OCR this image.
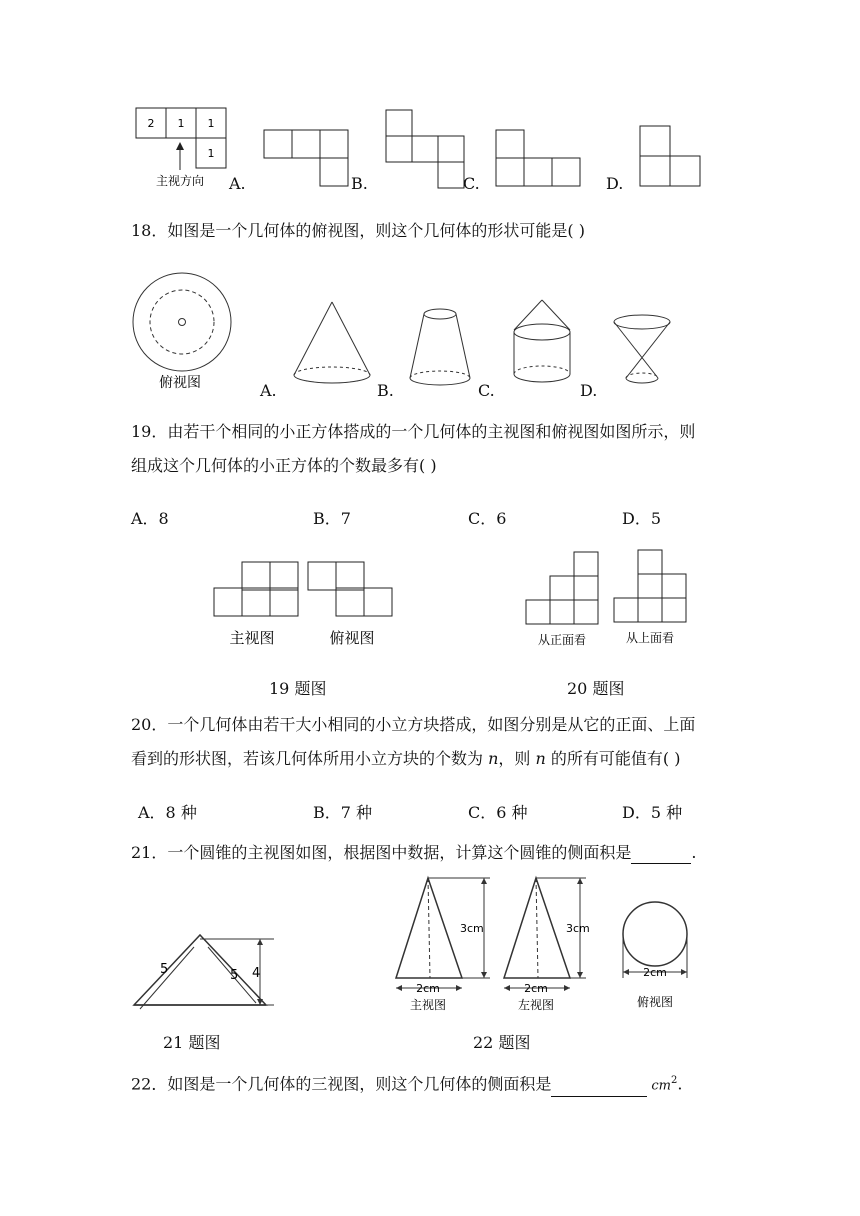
2 1 1
1
主视方向 A.	B.	C.	D.
18．如图是一个几何体的俯视图，则这个几何体的形状可能是( )
俯视图	A.	B.	C.	D.
19．由若干个相同的小正方体搭成的一个几何体的主视图和俯视图如图所示，则
组成这个几何体的小正方体的个数最多有( )
A．8	B．7	C．6	D．5
主视图	俯视图	从正面看	从上面看
19 题图	20 题图
20．一个几何体由若干大小相同的小立方块搭成，如图分别是从它的正面、上面
看到的形状图，若该几何体所用小立方块的个数为 n，则 n 的所有可能值有( )
A．8 种	B．7 种	C．6 种	D．5 种
21．一个圆锥的主视图如图，根据图中数据，计算这个圆锥的侧面积是	.
5	5 4
3cm
2cm
主视图
3cm
2cm
左视图
2cm
俯视图
21 题图	22 题图
22．如图是一个几何体的三视图，则这个几何体的侧面积是	$cm^2$.
